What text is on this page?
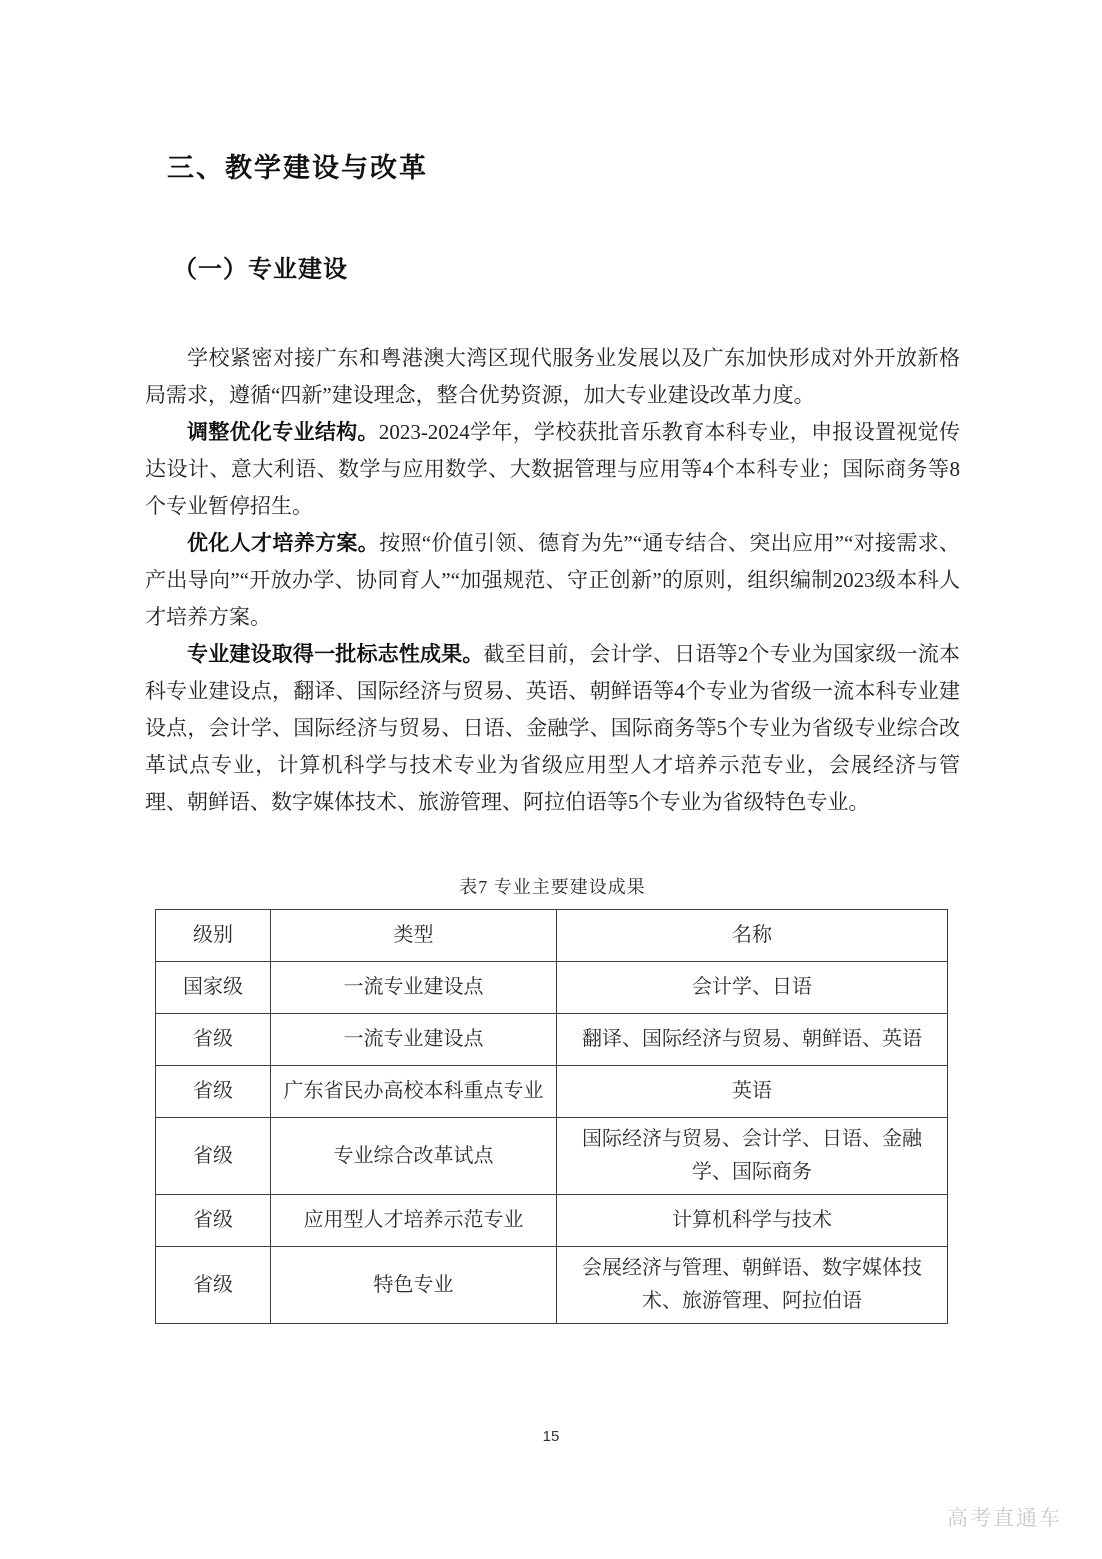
三、教学建设与改革
（一）专业建设

学校紧密对接广东和粤港澳大湾区现代服务业发展以及广东加快形成对外开放新格局需求，遵循“四新”建设理念，整合优势资源，加大专业建设改革力度。

调整优化专业结构。2023-2024学年，学校获批音乐教育本科专业，申报设置视觉传达设计、意大利语、数学与应用数学、大数据管理与应用等4个本科专业；国际商务等8个专业暂停招生。

优化人才培养方案。按照“价值引领、德育为先”“通专结合、突出应用”“对接需求、产出导向”“开放办学、协同育人”“加强规范、守正创新”的原则，组织编制2023级本科人才培养方案。

专业建设取得一批标志性成果。截至目前，会计学、日语等2个专业为国家级一流本科专业建设点，翻译、国际经济与贸易、英语、朝鲜语等4个专业为省级一流本科专业建设点，会计学、国际经济与贸易、日语、金融学、国际商务等5个专业为省级专业综合改革试点专业，计算机科学与技术专业为省级应用型人才培养示范专业，会展经济与管理、朝鲜语、数字媒体技术、旅游管理、阿拉伯语等5个专业为省级特色专业。

表7 专业主要建设成果
级别	类型	名称
国家级	一流专业建设点	会计学、日语
省级	一流专业建设点	翻译、国际经济与贸易、朝鲜语、英语
省级	广东省民办高校本科重点专业	英语
省级	专业综合改革试点	国际经济与贸易、会计学、日语、金融学、国际商务
省级	应用型人才培养示范专业	计算机科学与技术
省级	特色专业	会展经济与管理、朝鲜语、数字媒体技术、旅游管理、阿拉伯语
15
高考直通车
